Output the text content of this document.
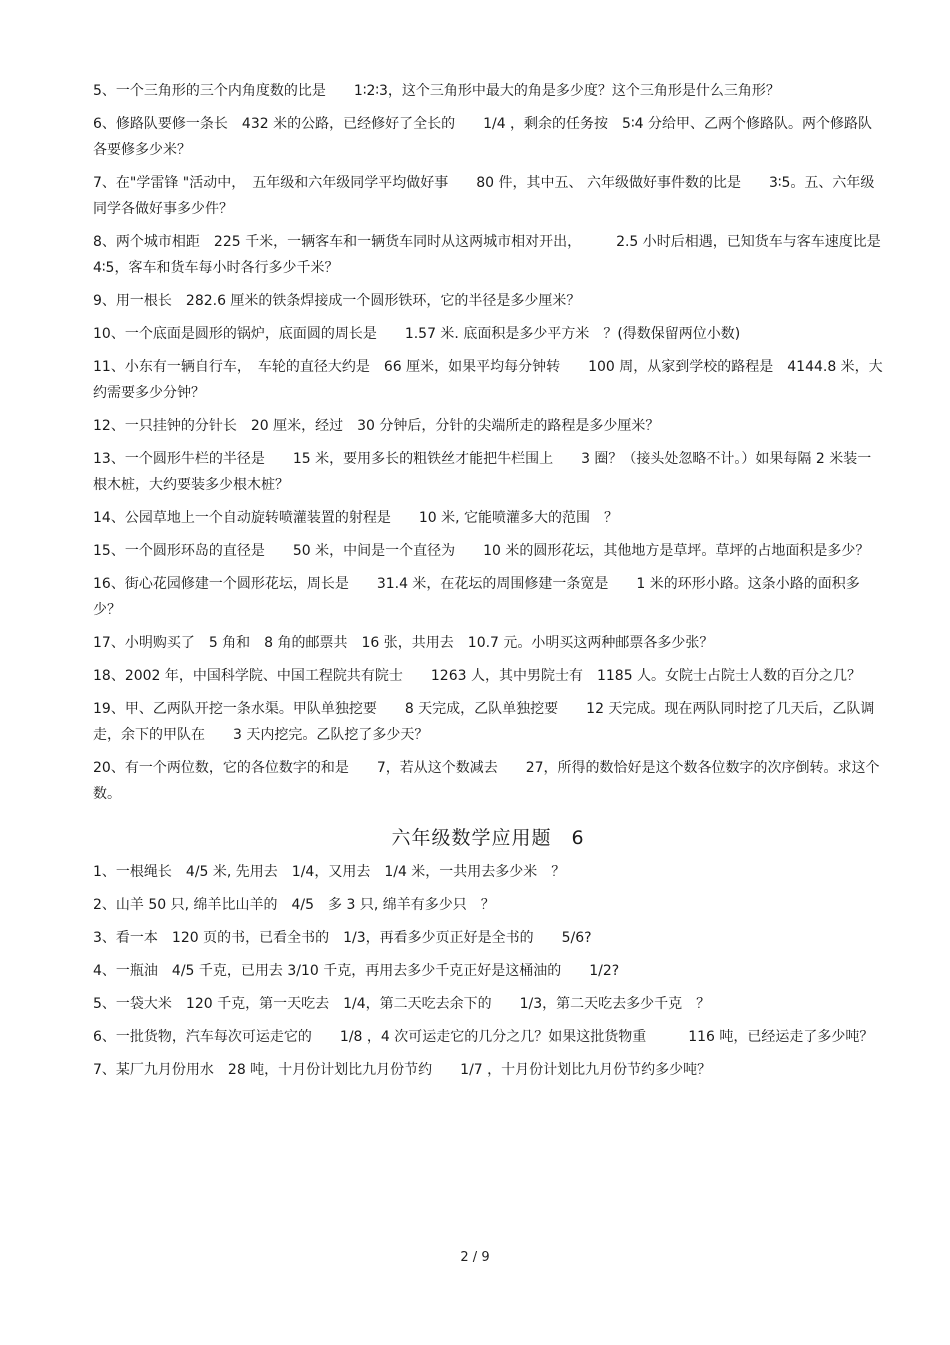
5、一个三角形的三个内角度数的比是　　1∶2∶3，这个三角形中最大的角是多少度？这个三角形是什么三角形？
6、修路队要修一条长　432 米的公路，已经修好了全长的　　1/4 ，剩余的任务按　5∶4 分给甲、乙两个修路队。两个修路队各要修多少米？
7、在"学雷锋 "活动中，　五年级和六年级同学平均做好事　　80 件，其中五、 六年级做好事件数的比是　　3∶5。五、六年级同学各做好事多少件？
8、两个城市相距　225 千米，一辆客车和一辆货车同时从这两城市相对开出，　　　2.5 小时后相遇，已知货车与客车速度比是　4∶5，客车和货车每小时各行多少千米？
9、用一根长　282.6 厘米的铁条焊接成一个圆形铁环，它的半径是多少厘米？
10、一个底面是圆形的锅炉，底面圆的周长是　　1.57 米. 底面积是多少平方米　？(得数保留两位小数)
11、小东有一辆自行车，　车轮的直径大约是　66 厘米，如果平均每分钟转　　100 周，从家到学校的路程是　4144.8 米，大约需要多少分钟？
12、一只挂钟的分针长　20 厘米，经过　30 分钟后，分针的尖端所走的路程是多少厘米？
13、一个圆形牛栏的半径是　　15 米，要用多长的粗铁丝才能把牛栏围上　　3 圈？（接头处忽略不计。）如果每隔 2 米装一根木桩，大约要装多少根木桩？
14、公园草地上一个自动旋转喷灌装置的射程是　　10 米, 它能喷灌多大的范围　？
15、一个圆形环岛的直径是　　50 米，中间是一个直径为　　10 米的圆形花坛，其他地方是草坪。草坪的占地面积是多少？
16、街心花园修建一个圆形花坛，周长是　　31.4 米，在花坛的周围修建一条宽是　　1 米的环形小路。这条小路的面积多少？
17、小明购买了　5 角和　8 角的邮票共　16 张，共用去　10.7 元。小明买这两种邮票各多少张？
18、2002 年，中国科学院、中国工程院共有院士　　1263 人，其中男院士有　1185 人。女院士占院士人数的百分之几？
19、甲、乙两队开挖一条水渠。甲队单独挖要　　8 天完成，乙队单独挖要　　12 天完成。现在两队同时挖了几天后，乙队调走，余下的甲队在　　3 天内挖完。乙队挖了多少天？
20、有一个两位数，它的各位数字的和是　　7，若从这个数减去　　27，所得的数恰好是这个数各位数字的次序倒转。求这个数。
六年级数学应用题　6
1、一根绳长　4/5 米, 先用去　1/4，又用去　1/4 米，一共用去多少米　？
2、山羊 50 只, 绵羊比山羊的　4/5　多 3 只, 绵羊有多少只　？
3、看一本　120 页的书，已看全书的　1/3，再看多少页正好是全书的　　5/6?
4、一瓶油　4/5 千克，已用去 3/10 千克，再用去多少千克正好是这桶油的　　1/2?
5、一袋大米　120 千克，第一天吃去　1/4，第二天吃去余下的　　1/3，第二天吃去多少千克　？
6、一批货物，汽车每次可运走它的　　1/8 ，4 次可运走它的几分之几？如果这批货物重　　　116 吨，已经运走了多少吨？
7、某厂九月份用水　28 吨，十月份计划比九月份节约　　1/7 ，十月份计划比九月份节约多少吨？
2 / 9
